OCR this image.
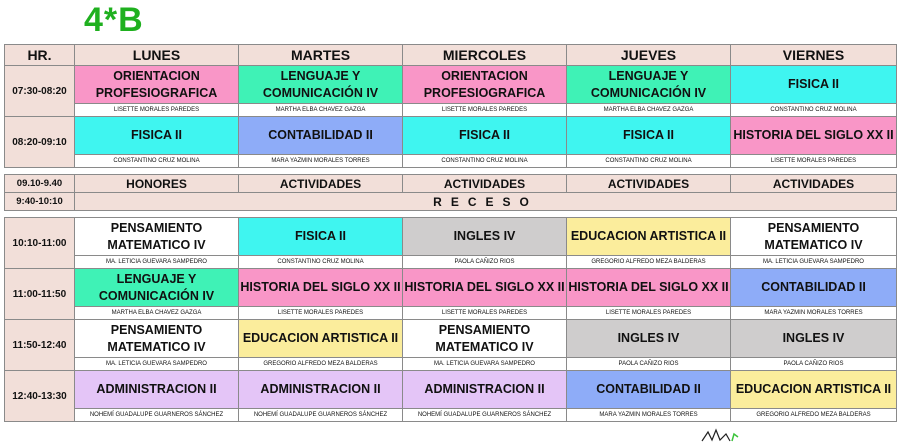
4*B
HR.	LUNES	MARTES	MIERCOLES	JUEVES	VIERNES
07:30-08:20	ORIENTACION PROFESIOGRAFICA	LENGUAJE Y COMUNICACIÓN IV	ORIENTACION PROFESIOGRAFICA	LENGUAJE Y COMUNICACIÓN IV	FISICA II
	LISETTE MORALES PAREDES	MARTHA ELBA CHAVEZ GAZGA	LISETTE MORALES PAREDES	MARTHA ELBA CHAVEZ GAZGA	CONSTANTINO CRUZ MOLINA
08:20-09:10	FISICA II	CONTABILIDAD II	FISICA II	FISICA II	HISTORIA DEL SIGLO XX II
	CONSTANTINO CRUZ MOLINA	MARA YAZMIN MORALES TORRES	CONSTANTINO CRUZ MOLINA	CONSTANTINO CRUZ MOLINA	LISETTE MORALES PAREDES

09.10-9.40	HONORES	ACTIVIDADES	ACTIVIDADES	ACTIVIDADES	ACTIVIDADES
9:40-10:10	RECESO				

10:10-11:00	PENSAMIENTO MATEMATICO IV	FISICA II	INGLES IV	EDUCACION ARTISTICA II	PENSAMIENTO MATEMATICO IV
	MA. LETICIA GUEVARA SAMPEDRO	CONSTANTINO CRUZ MOLINA	PAOLA CAÑIZO RIOS	GREGORIO ALFREDO MEZA BALDERAS	MA. LETICIA GUEVARA SAMPEDRO
11:00-11:50	LENGUAJE Y COMUNICACIÓN IV	HISTORIA DEL SIGLO XX II	HISTORIA DEL SIGLO XX II	HISTORIA DEL SIGLO XX II	CONTABILIDAD II
	MARTHA ELBA CHAVEZ GAZGA	LISETTE MORALES PAREDES	LISETTE MORALES PAREDES	LISETTE MORALES PAREDES	MARA YAZMIN MORALES TORRES
11:50-12:40	PENSAMIENTO MATEMATICO IV	EDUCACION ARTISTICA II	PENSAMIENTO MATEMATICO IV	INGLES IV	INGLES IV
	MA. LETICIA GUEVARA SAMPEDRO	GREGORIO ALFREDO MEZA BALDERAS	MA. LETICIA GUEVARA SAMPEDRO	PAOLA CAÑIZO RIOS	PAOLA CAÑIZO RIOS
12:40-13:30	ADMINISTRACION II	ADMINISTRACION II	ADMINISTRACION II	CONTABILIDAD II	EDUCACION ARTISTICA II
	NOHEMÍ GUADALUPE GUARNEROS SÁNCHEZ	NOHEMÍ GUADALUPE GUARNEROS SÁNCHEZ	NOHEMÍ GUADALUPE GUARNEROS SÁNCHEZ	MARA YAZMIN MORALES TORRES	GREGORIO ALFREDO MEZA BALDERAS
